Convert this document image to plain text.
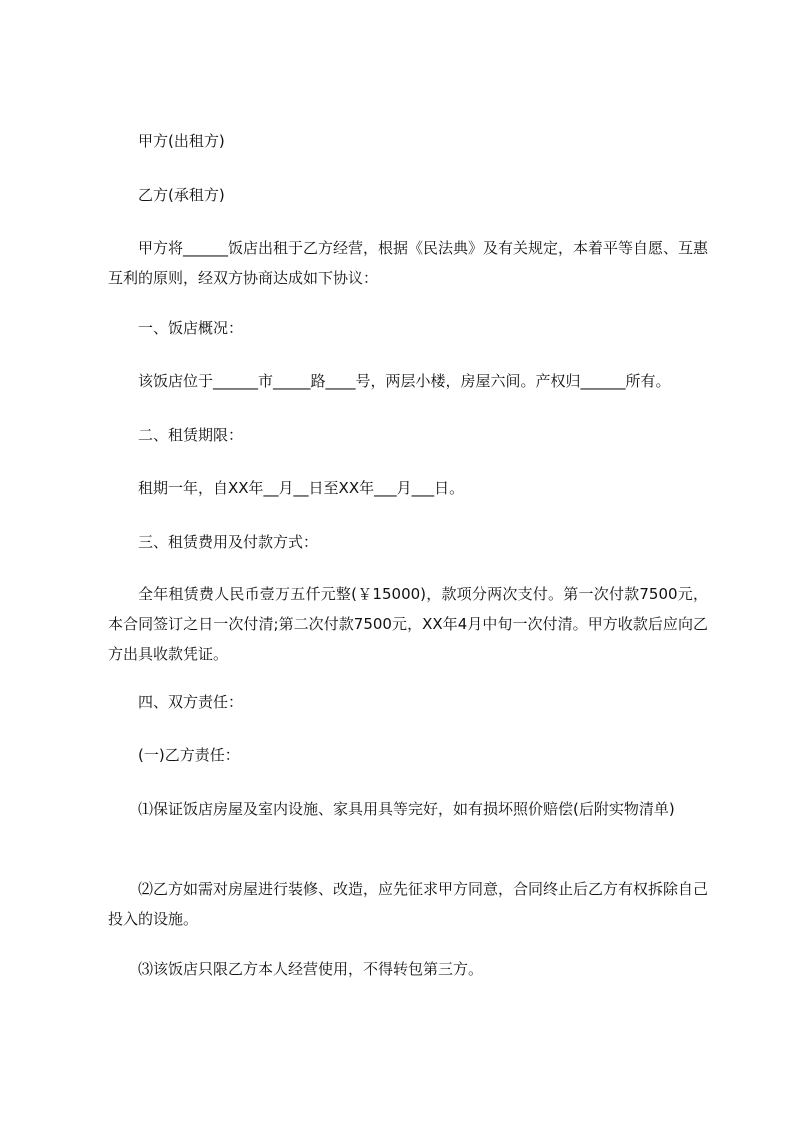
甲方(出租方)

乙方(承租方)

甲方将______饭店出租于乙方经营，根据《民法典》及有关规定，本着平等自愿、互惠互利的原则，经双方协商达成如下协议：

一、饭店概况：

该饭店位于______市_____路____号，两层小楼，房屋六间。产权归______所有。

二、租赁期限：

租期一年，自XX年__月__日至XX年___月___日。

三、租赁费用及付款方式：

全年租赁费人民币壹万五仟元整(￥15000)，款项分两次支付。第一次付款7500元，本合同签订之日一次付清;第二次付款7500元，XX年4月中旬一次付清。甲方收款后应向乙方出具收款凭证。

四、双方责任：

(一)乙方责任：

⑴保证饭店房屋及室内设施、家具用具等完好，如有损坏照价赔偿(后附实物清单)

⑵乙方如需对房屋进行装修、改造，应先征求甲方同意，合同终止后乙方有权拆除自己投入的设施。

⑶该饭店只限乙方本人经营使用，不得转包第三方。
